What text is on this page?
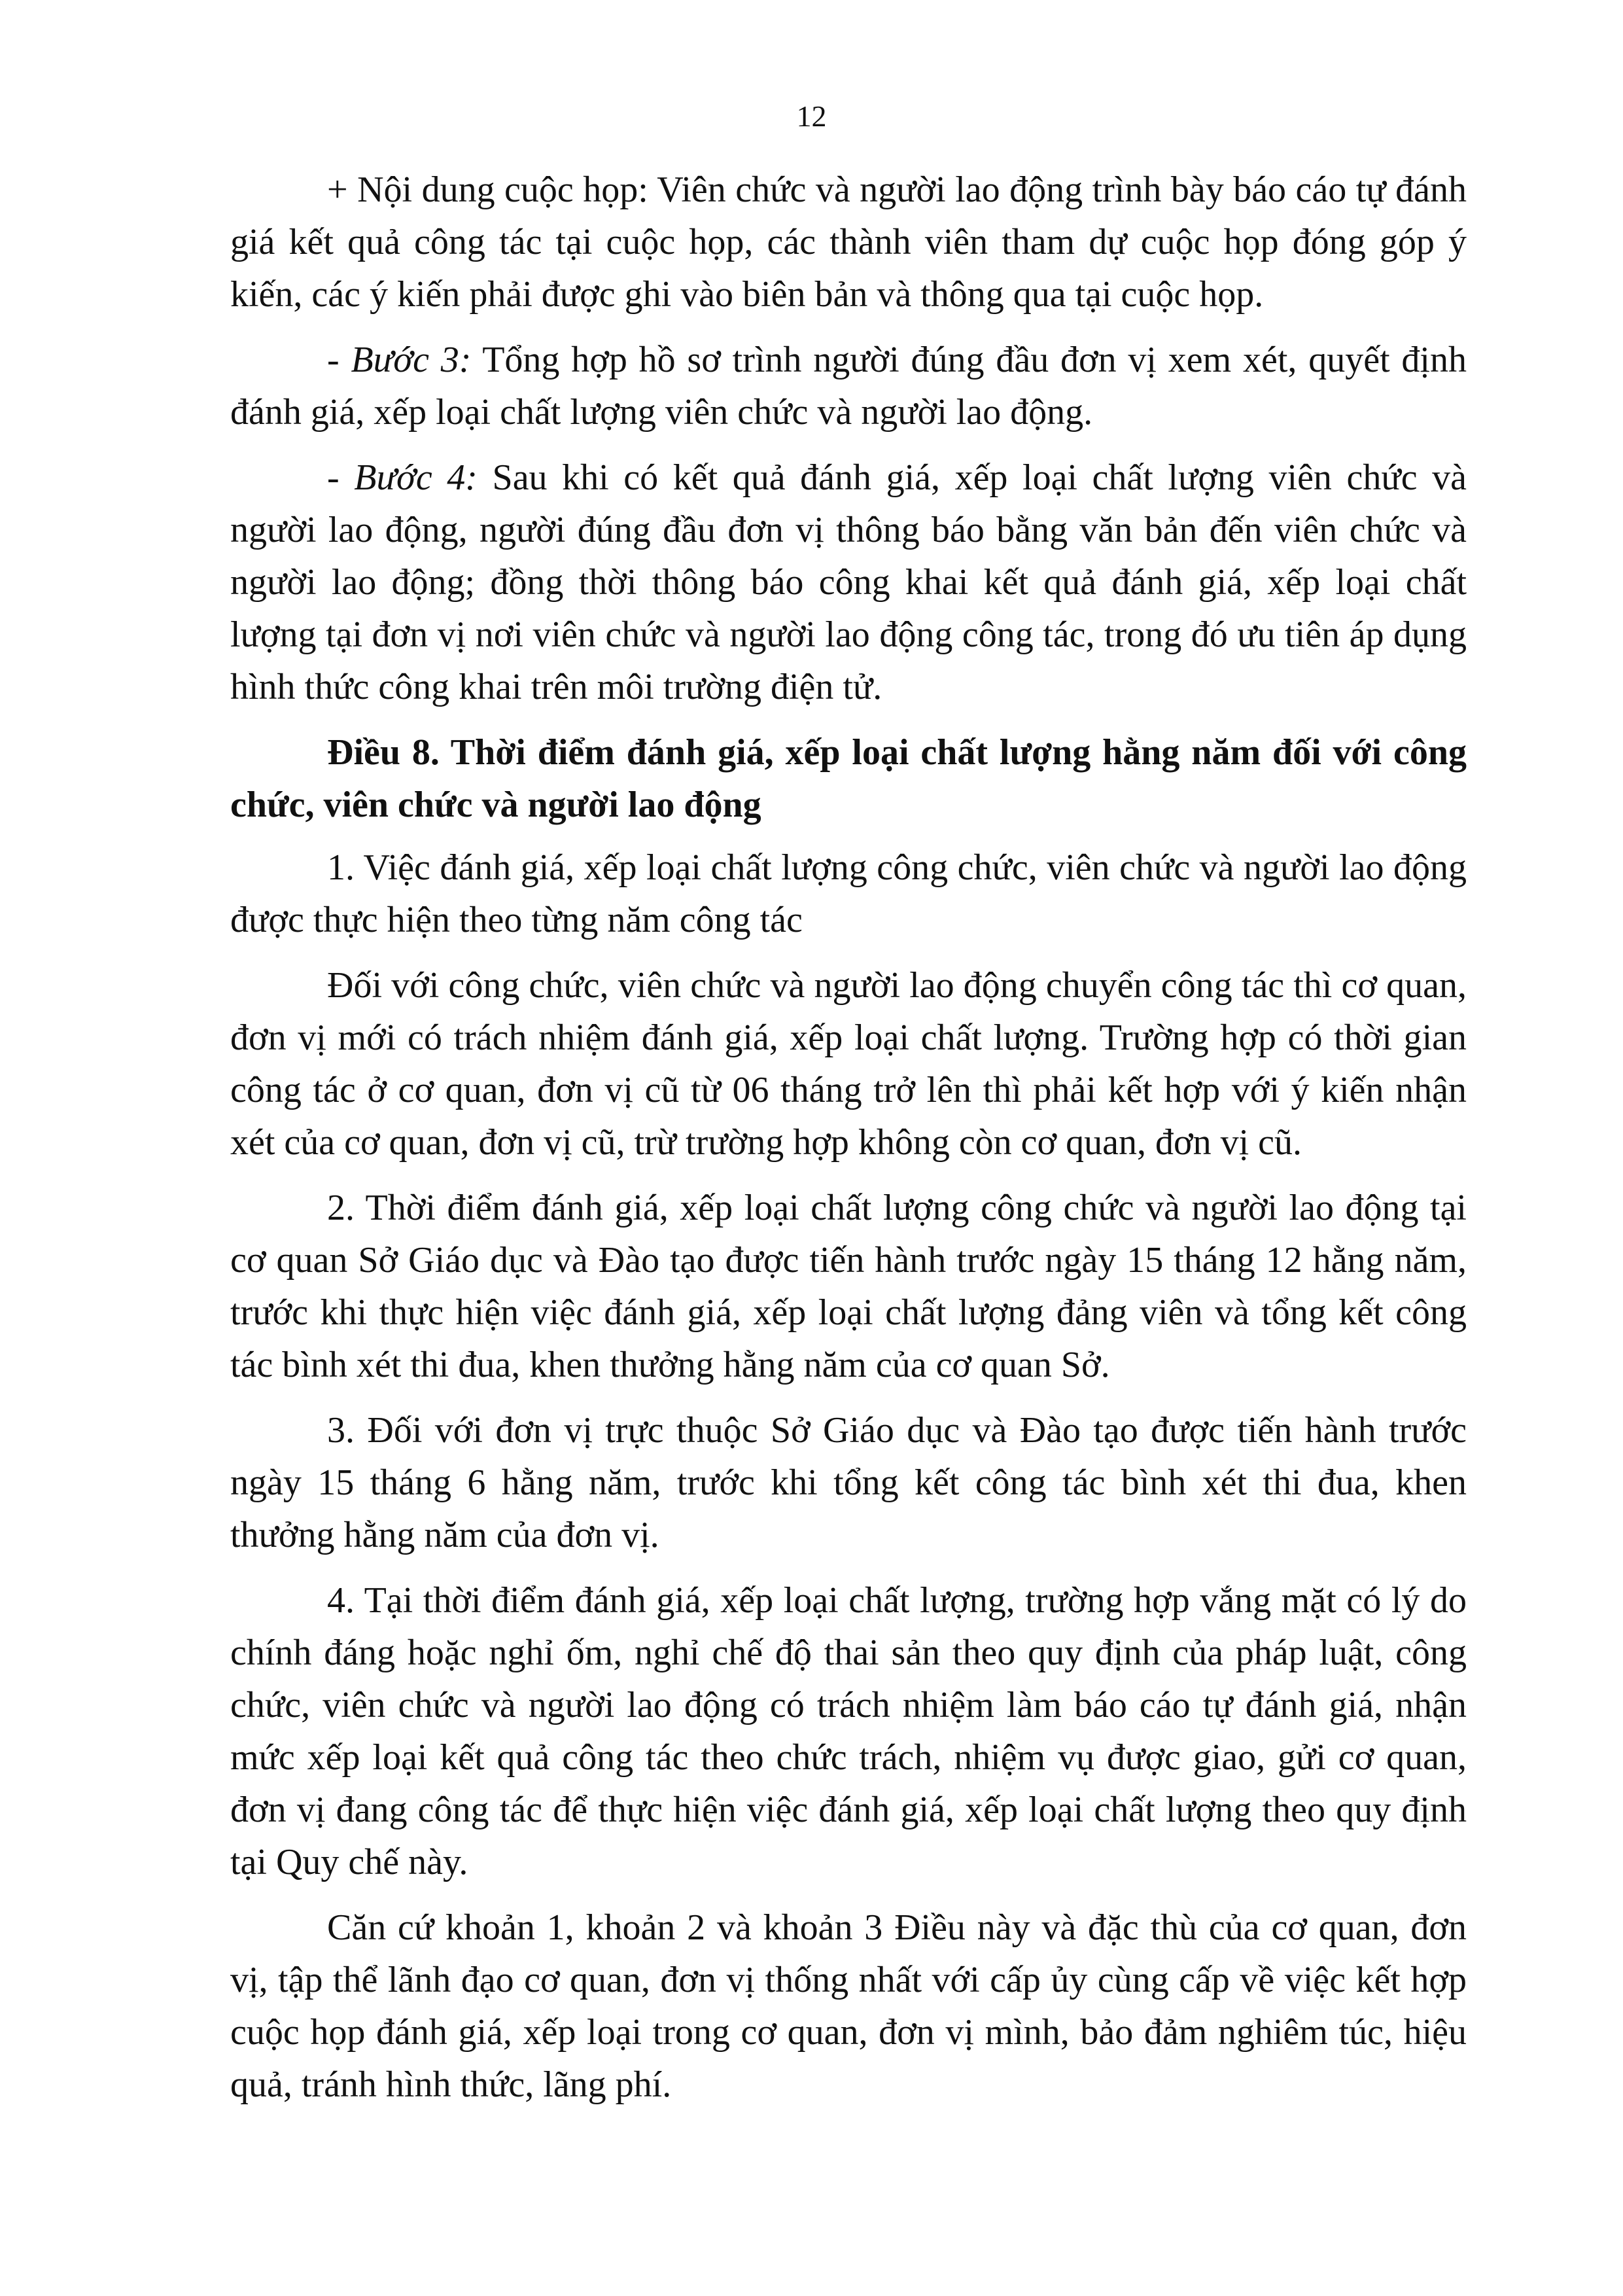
12

+ Nội dung cuộc họp: Viên chức và người lao động trình bày báo cáo tự đánh giá kết quả công tác tại cuộc họp, các thành viên tham dự cuộc họp đóng góp ý kiến, các ý kiến phải được ghi vào biên bản và thông qua tại cuộc họp.

- Bước 3: Tổng hợp hồ sơ trình người đúng đầu đơn vị xem xét, quyết định đánh giá, xếp loại chất lượng viên chức và người lao động.

- Bước 4: Sau khi có kết quả đánh giá, xếp loại chất lượng viên chức và người lao động, người đúng đầu đơn vị thông báo bằng văn bản đến viên chức và người lao động; đồng thời thông báo công khai kết quả đánh giá, xếp loại chất lượng tại đơn vị nơi viên chức và người lao động công tác, trong đó ưu tiên áp dụng hình thức công khai trên môi trường điện tử.

Điều 8. Thời điểm đánh giá, xếp loại chất lượng hằng năm đối với công chức, viên chức và người lao động

1. Việc đánh giá, xếp loại chất lượng công chức, viên chức và người lao động được thực hiện theo từng năm công tác

Đối với công chức, viên chức và người lao động chuyển công tác thì cơ quan, đơn vị mới có trách nhiệm đánh giá, xếp loại chất lượng. Trường hợp có thời gian công tác ở cơ quan, đơn vị cũ từ 06 tháng trở lên thì phải kết hợp với ý kiến nhận xét của cơ quan, đơn vị cũ, trừ trường hợp không còn cơ quan, đơn vị cũ.

2. Thời điểm đánh giá, xếp loại chất lượng công chức và người lao động tại cơ quan Sở Giáo dục và Đào tạo được tiến hành trước ngày 15 tháng 12 hằng năm, trước khi thực hiện việc đánh giá, xếp loại chất lượng đảng viên và tổng kết công tác bình xét thi đua, khen thưởng hằng năm của cơ quan Sở.

3. Đối với đơn vị trực thuộc Sở Giáo dục và Đào tạo được tiến hành trước ngày 15 tháng 6 hằng năm, trước khi tổng kết công tác bình xét thi đua, khen thưởng hằng năm của đơn vị.

4. Tại thời điểm đánh giá, xếp loại chất lượng, trường hợp vắng mặt có lý do chính đáng hoặc nghỉ ốm, nghỉ chế độ thai sản theo quy định của pháp luật, công chức, viên chức và người lao động có trách nhiệm làm báo cáo tự đánh giá, nhận mức xếp loại kết quả công tác theo chức trách, nhiệm vụ được giao, gửi cơ quan, đơn vị đang công tác để thực hiện việc đánh giá, xếp loại chất lượng theo quy định tại Quy chế này.

Căn cứ khoản 1, khoản 2 và khoản 3 Điều này và đặc thù của cơ quan, đơn vị, tập thể lãnh đạo cơ quan, đơn vị thống nhất với cấp ủy cùng cấp về việc kết hợp cuộc họp đánh giá, xếp loại trong cơ quan, đơn vị mình, bảo đảm nghiêm túc, hiệu quả, tránh hình thức, lãng phí.
